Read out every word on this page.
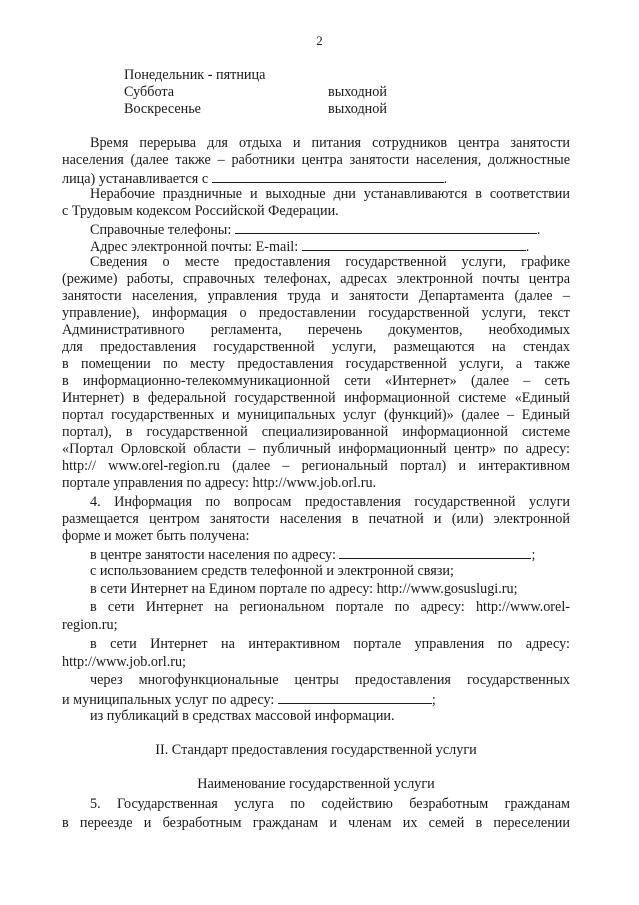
2
Понедельник - пятница
Суббота	выходной
Воскресенье	выходной
Время перерыва для отдыха и питания сотрудников центра занятости
населения (далее также – работники центра занятости населения, должностные
лица) устанавливается с	.
Нерабочие праздничные и выходные дни устанавливаются в соответствии
с Трудовым кодексом Российской Федерации.
Справочные телефоны:	.
Адрес электронной почты: E-mail:	.
Сведения о месте предоставления государственной услуги, графике
(режиме) работы, справочных телефонах, адресах электронной почты центра
занятости населения, управления труда и занятости Департамента (далее –
управление), информация о предоставлении государственной услуги, текст
Административного регламента, перечень документов, необходимых
для предоставления государственной услуги, размещаются на стендах
в помещении по месту предоставления государственной услуги, а также
в информационно-телекоммуникационной сети «Интернет» (далее – сеть
Интернет) в федеральной государственной информационной системе «Единый
портал государственных и муниципальных услуг (функций)» (далее – Единый
портал), в государственной специализированной информационной системе
«Портал Орловской области – публичный информационный центр» по адресу:
http:// www.orel-region.ru (далее – региональный портал) и интерактивном
портале управления по адресу: http://www.job.orl.ru.
4. Информация по вопросам предоставления государственной услуги
размещается центром занятости населения в печатной и (или) электронной
форме и может быть получена:
в центре занятости населения по адресу:	;
с использованием средств телефонной и электронной связи;
в сети Интернет на Едином портале по адресу: http://www.gosuslugi.ru;
в сети Интернет на региональном портале по адресу: http://www.orel-
region.ru;
в сети Интернет на интерактивном портале управления по адресу:
http://www.job.orl.ru;
через многофункциональные центры предоставления государственных
и муниципальных услуг по адресу:	;
из публикаций в средствах массовой информации.
II. Стандарт предоставления государственной услуги
Наименование государственной услуги
5. Государственная услуга по содействию безработным гражданам
в переезде и безработным гражданам и членам их семей в переселении
